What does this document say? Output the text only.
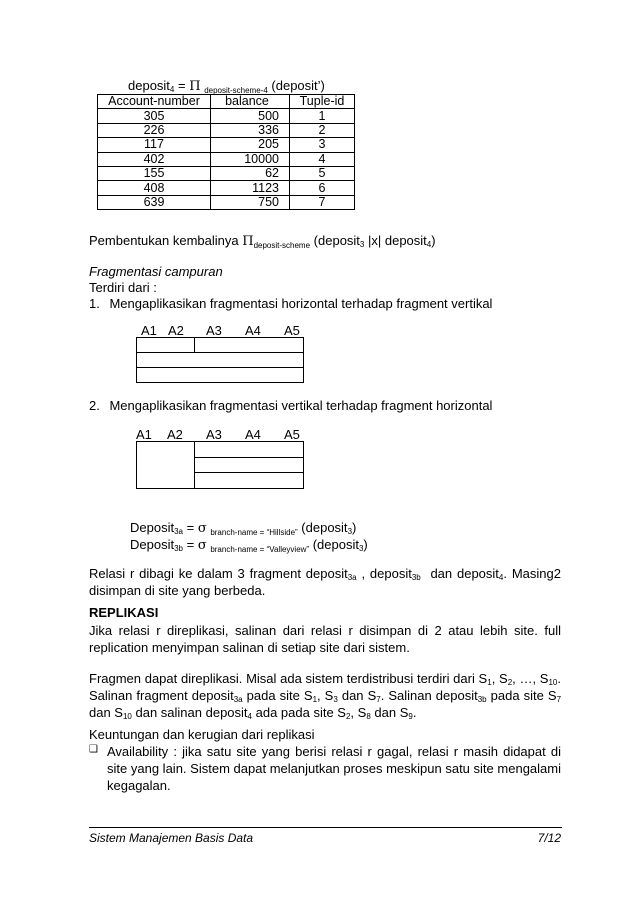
deposit$_4$ = Π $_{deposit-scheme-4}$ (deposit’)
Account-number	balance	Tuple-id
305	500	1
226	336	2
117	205	3
402	10000	4
155	62	5
408	1123	6
639	750	7
Pembentukan kembalinya $\Pi_{deposit-scheme}$ (deposit$_3$ |x| deposit$_4$)
Fragmentasi campuran
Terdiri dari :
1. Mengaplikasikan fragmentasi horizontal terhadap fragment vertikal
A1 A2 A3 A4 A5
2. Mengaplikasikan fragmentasi vertikal terhadap fragment horizontal
A1 A2 A3 A4 A5
Deposit$_{3a}$ = σ $_{branch-name = “Hillside”}$ (deposit$_3$)
Deposit$_{3b}$ = σ $_{branch-name = “Valleyview”}$ (deposit$_3$)
Relasi r dibagi ke dalam 3 fragment deposit$_{3a}$ , deposit$_{3b}$  dan deposit$_4$. Masing2
disimpan di site yang berbeda.
REPLIKASI
Jika relasi r direplikasi, salinan dari relasi r disimpan di 2 atau lebih site. full
replication menyimpan salinan di setiap site dari sistem.
Fragmen dapat direplikasi. Misal ada sistem terdistribusi terdiri dari $S_1$, $S_2$, …, $S_{10}$.
Salinan fragment deposit$_{3a}$ pada site $S_1$, $S_3$ dan $S_7$. Salinan deposit$_{3b}$ pada site $S_7$
dan $S_{10}$ dan salinan deposit$_4$ ada pada site $S_2$, $S_8$ dan $S_9$.
Keuntungan dan kerugian dari replikasi
❑ Availability : jika satu site yang berisi relasi r gagal, relasi r masih didapat di
site yang lain. Sistem dapat melanjutkan proses meskipun satu site mengalami
kegagalan.
Sistem Manajemen Basis Data	7/12
